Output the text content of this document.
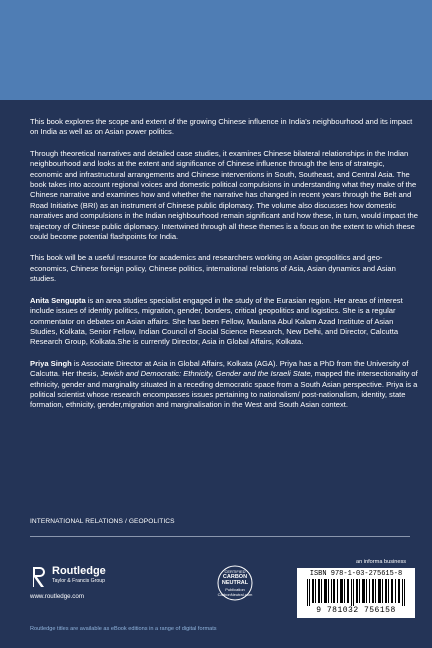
This book explores the scope and extent of the growing Chinese influence in India's neighbourhood and its impact on India as well as on Asian power politics.

Through theoretical narratives and detailed case studies, it examines Chinese bilateral relationships in the Indian neighbourhood and looks at the extent and significance of Chinese influence through the lens of strategic, economic and infrastructural arrangements and Chinese interventions in South, Southeast, and Central Asia. The book takes into account regional voices and domestic political compulsions in understanding what they make of the Chinese narrative and examines how and whether the narrative has changed in recent years through the Belt and Road Initiative (BRI) as an instrument of Chinese public diplomacy. The volume also discusses how domestic narratives and compulsions in the Indian neighbourhood remain significant and how these, in turn, would impact the trajectory of Chinese public diplomacy. Intertwined through all these themes is a focus on the extent to which these could become potential flashpoints for India.

This book will be a useful resource for academics and researchers working on Asian geopolitics and geo-economics, Chinese foreign policy, Chinese politics, international relations of Asia, Asian dynamics and Asian studies.

Anita Sengupta is an area studies specialist engaged in the study of the Eurasian region. Her areas of interest include issues of identity politics, migration, gender, borders, critical geopolitics and logistics. She is a regular commentator on debates on Asian affairs. She has been Fellow, Maulana Abul Kalam Azad Institute of Asian Studies, Kolkata, Senior Fellow, Indian Council of Social Science Research, New Delhi, and Director, Calcutta Research Group, Kolkata.She is currently Director, Asia in Global Affairs, Kolkata.

Priya Singh is Associate Director at Asia in Global Affairs, Kolkata (AGA). Priya has a PhD from the University of Calcutta. Her thesis, Jewish and Democratic: Ethnicity, Gender and the Israeli State, mapped the intersectionality of ethnicity, gender and marginality situated in a receding democratic space from a South Asian perspective. Priya is a political scientist whose research encompasses issues pertaining to nationalism/ post-nationalism, identity, state formation, ethnicity, gender,migration and marginalisation in the West and South Asian context.

INTERNATIONAL RELATIONS / GEOPOLITICS
Routledge
Taylor & Francis Group
www.routledge.com
CERTIFIED
CARBON
NEUTRAL
Publication
CarbonNeutral.com
an informa business
ISBN 978-1-03-275615-8
9 781032 756158
Routledge titles are available as eBook editions in a range of digital formats
